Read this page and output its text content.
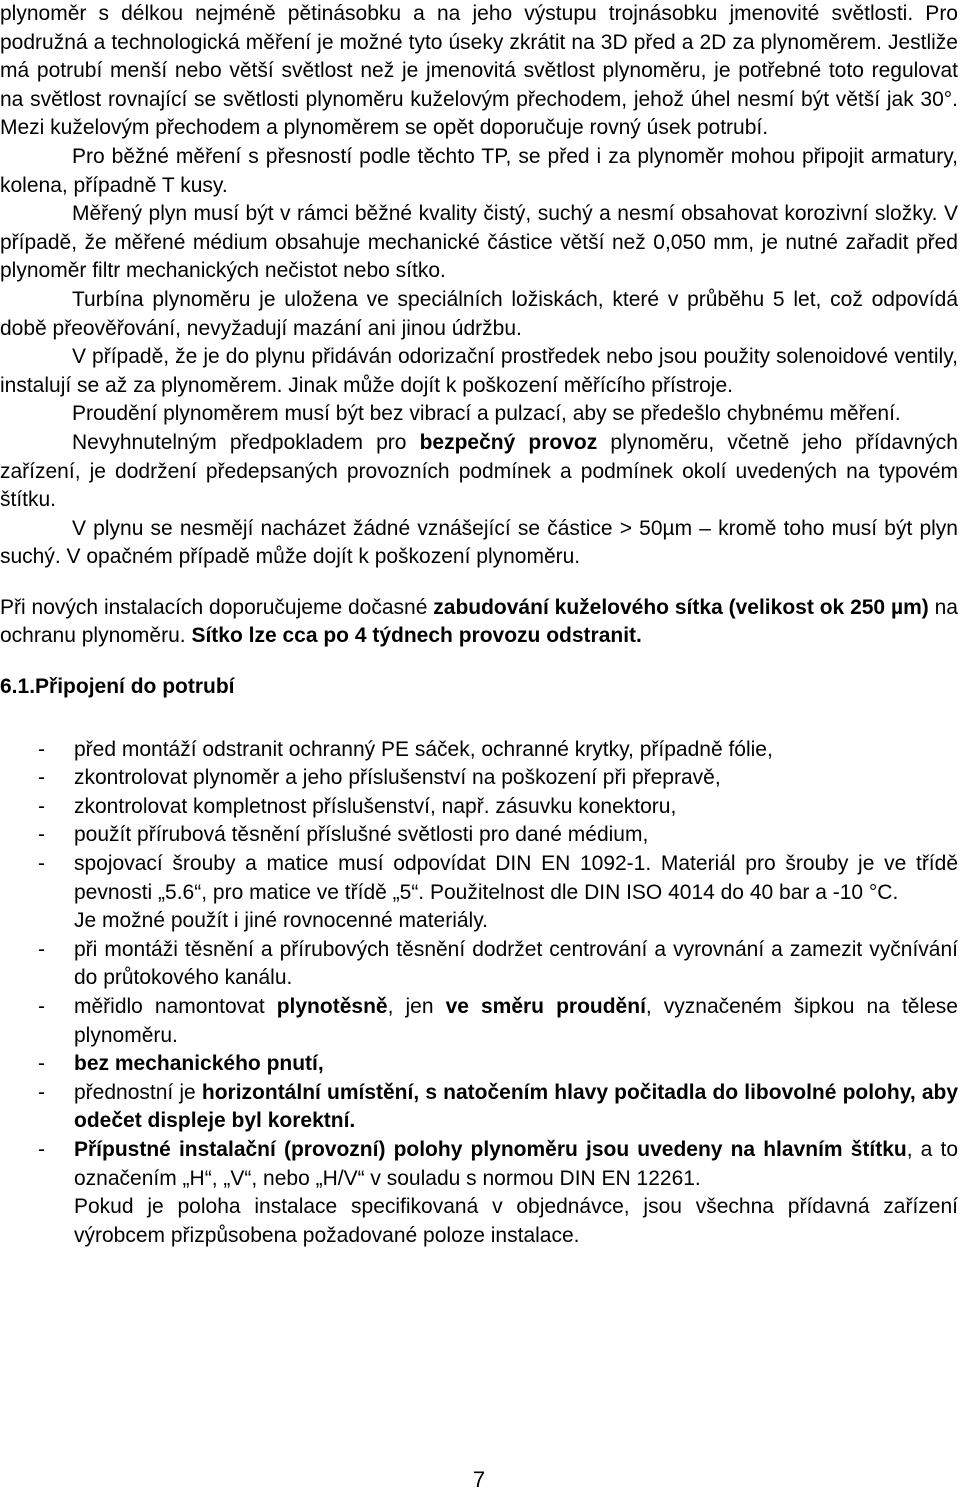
plynoměr s délkou nejméně pětinásobku a na jeho výstupu trojnásobku jmenovité světlosti. Pro podružná a technologická měření je možné tyto úseky zkrátit na 3D před a 2D za plynoměrem. Jestliže má potrubí menší nebo větší světlost než je jmenovitá světlost plynoměru, je potřebné toto regulovat na světlost rovnající se světlosti plynoměru kuželovým přechodem, jehož úhel nesmí být větší jak 30°. Mezi kuželovým přechodem a plynoměrem se opět doporučuje rovný úsek potrubí.

Pro běžné měření s přesností podle těchto TP, se před i za plynoměr mohou připojit armatury, kolena, případně T kusy.

Měřený plyn musí být v rámci běžné kvality čistý, suchý a nesmí obsahovat korozivní složky. V případě, že měřené médium obsahuje mechanické částice větší než 0,050 mm, je nutné zařadit před plynoměr filtr mechanických nečistot nebo sítko.

Turbína plynoměru je uložena ve speciálních ložiskách, které v průběhu 5 let, což odpovídá době přeověřování, nevyžadují mazání ani jinou údržbu.

V případě, že je do plynu přidáván odorizační prostředek nebo jsou použity solenoidové ventily, instalují se až za plynoměrem. Jinak může dojít k poškození měřícího přístroje.

Proudění plynoměrem musí být bez vibrací a pulzací, aby se předešlo chybnému měření.

Nevyhnutelným předpokladem pro bezpečný provoz plynoměru, včetně jeho přídavných zařízení, je dodržení předepsaných provozních podmínek a podmínek okolí uvedených na typovém štítku.

V plynu se nesmějí nacházet žádné vznášející se částice > 50µm – kromě toho musí být plyn suchý. V opačném případě může dojít k poškození plynoměru.

Při nových instalacích doporučujeme dočasné zabudování kuželového sítka (velikost ok 250 µm) na ochranu plynoměru. Sítko lze cca po 4 týdnech provozu odstranit.

6.1.Připojení do potrubí

- před montáží odstranit ochranný PE sáček, ochranné krytky, případně fólie,
- zkontrolovat plynoměr a jeho příslušenství na poškození při přepravě,
- zkontrolovat kompletnost příslušenství, např. zásuvku konektoru,
- použít přírubová těsnění příslušné světlosti pro dané médium,
- spojovací šrouby a matice musí odpovídat DIN EN 1092-1. Materiál pro šrouby je ve třídě pevnosti „5.6“, pro matice ve třídě „5“. Použitelnost dle DIN ISO 4014 do 40 bar a -10 °C.
Je možné použít i jiné rovnocenné materiály.
- při montáži těsnění a přírubových těsnění dodržet centrování a vyrovnání a zamezit vyčnívání do průtokového kanálu.
- měřidlo namontovat plynotěsně, jen ve směru proudění, vyznačeném šipkou na tělese plynoměru.
- bez mechanického pnutí,
- přednostní je horizontální umístění, s natočením hlavy počitadla do libovolné polohy, aby odečet displeje byl korektní.
- Přípustné instalační (provozní) polohy plynoměru jsou uvedeny na hlavním štítku, a to označením „H“, „V“, nebo „H/V“ v souladu s normou DIN EN 12261.
Pokud je poloha instalace specifikovaná v objednávce, jsou všechna přídavná zařízení výrobcem přizpůsobena požadované poloze instalace.
7
